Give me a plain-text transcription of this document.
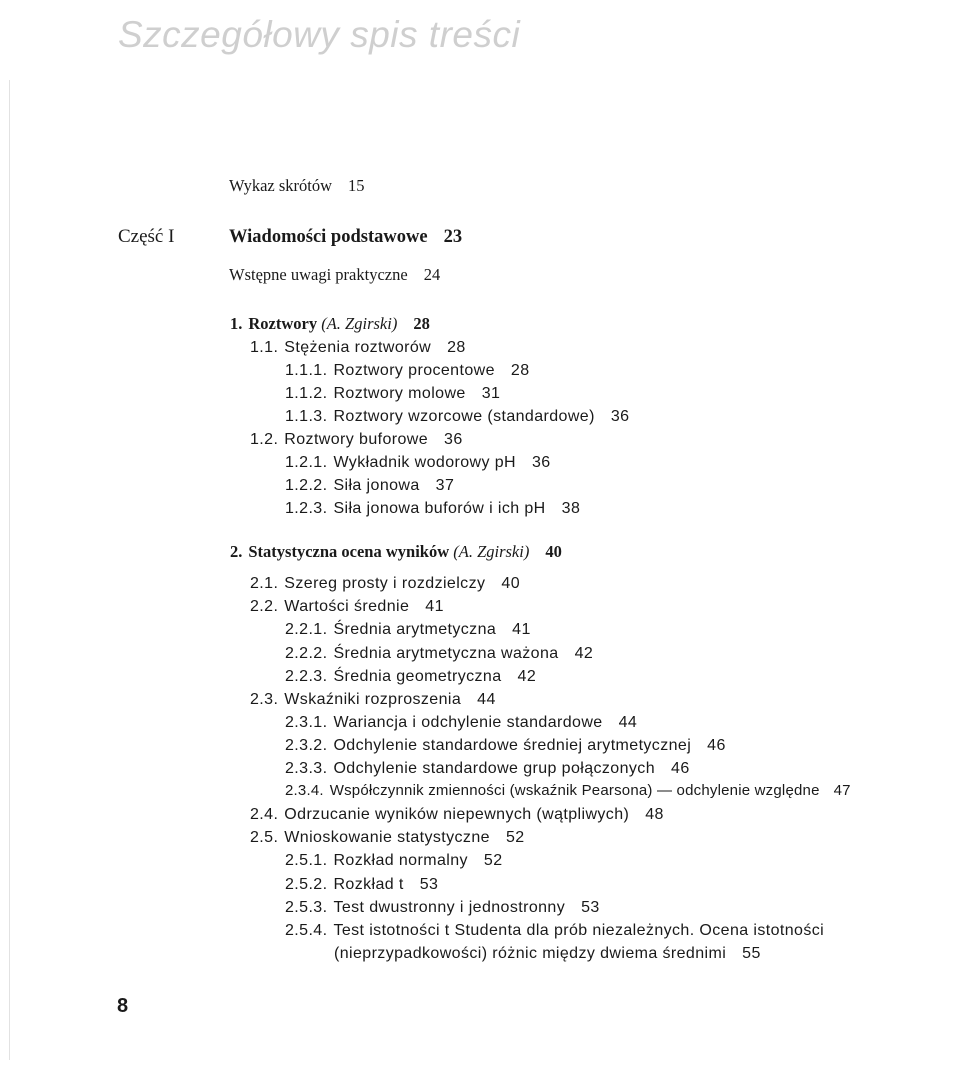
Szczegółowy spis treści
Część I
Wykaz skrótów 15
Wiadomości podstawowe 23
Wstępne uwagi praktyczne 24
1. Roztwory (A. Zgirski) 28
1.1. Stężenia roztworów 28
1.1.1. Roztwory procentowe 28
1.1.2. Roztwory molowe 31
1.1.3. Roztwory wzorcowe (standardowe) 36
1.2. Roztwory buforowe 36
1.2.1. Wykładnik wodorowy pH 36
1.2.2. Siła jonowa 37
1.2.3. Siła jonowa buforów i ich pH 38
2. Statystyczna ocena wyników (A. Zgirski) 40
2.1. Szereg prosty i rozdzielczy 40
2.2. Wartości średnie 41
2.2.1. Średnia arytmetyczna 41
2.2.2. Średnia arytmetyczna ważona 42
2.2.3. Średnia geometryczna 42
2.3. Wskaźniki rozproszenia 44
2.3.1. Wariancja i odchylenie standardowe 44
2.3.2. Odchylenie standardowe średniej arytmetycznej 46
2.3.3. Odchylenie standardowe grup połączonych 46
2.3.4. Współczynnik zmienności (wskaźnik Pearsona) — odchylenie względne 47
2.4. Odrzucanie wyników niepewnych (wątpliwych) 48
2.5. Wnioskowanie statystyczne 52
2.5.1. Rozkład normalny 52
2.5.2. Rozkład t 53
2.5.3. Test dwustronny i jednostronny 53
2.5.4. Test istotności t Studenta dla prób niezależnych. Ocena istotności
(nieprzypadkowości) różnic między dwiema średnimi 55
8
